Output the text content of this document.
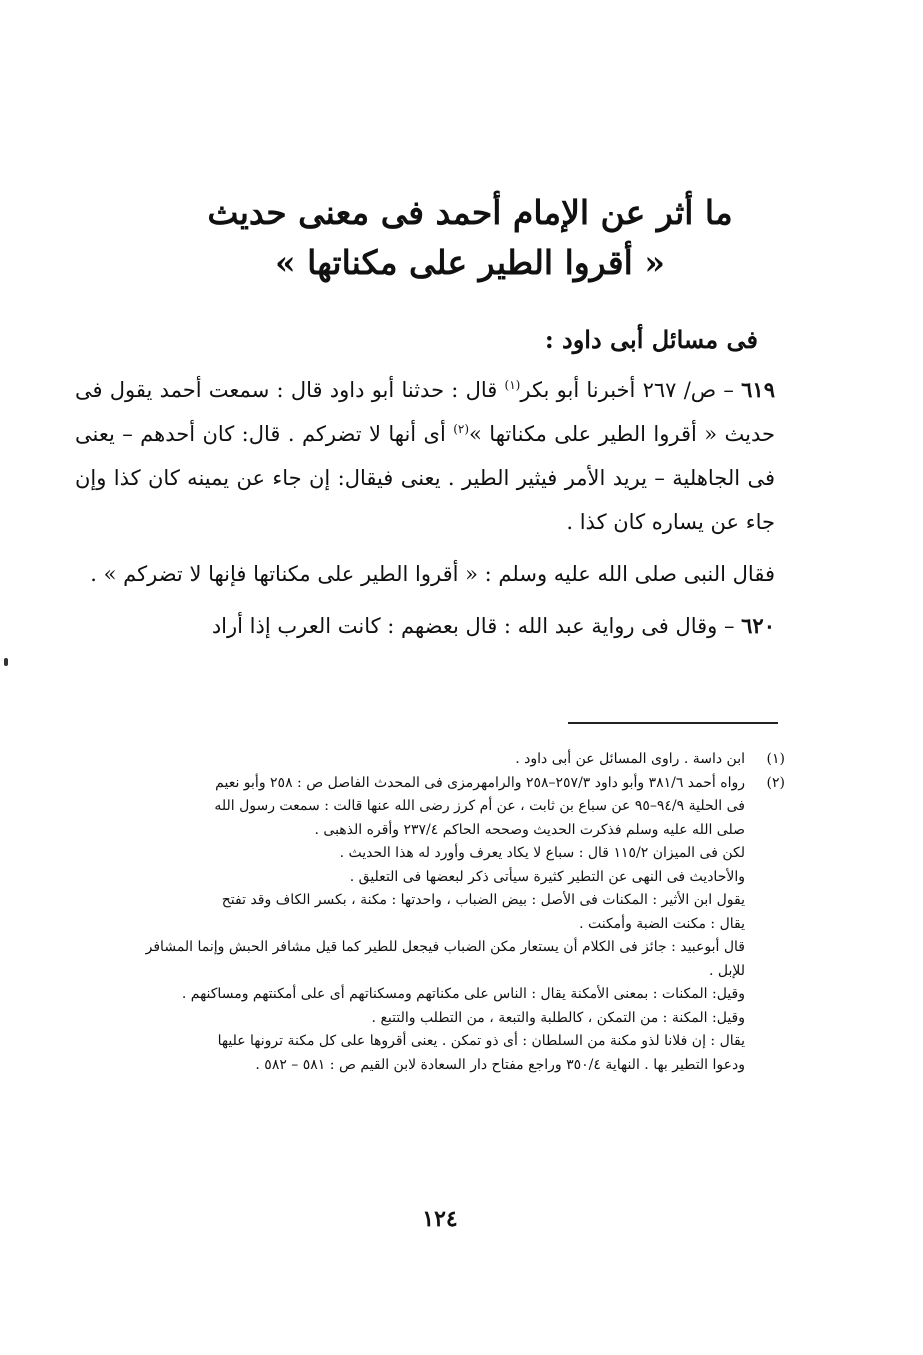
ما أثر عن الإمام أحمد فى معنى حديث
« أقروا الطير على مكناتها »
فى مسائل أبى داود :

٦١٩ – ص/ ٢٦٧ أخبرنا أبو بكر$^{(١)}$ قال : حدثنا أبو داود قال : سمعت أحمد يقول فى حديث « أقروا الطير على مكناتها »$^{(٢)}$ أى أنها لا تضركم . قال: كان أحدهم – يعنى فى الجاهلية – يريد الأمر فيثير الطير . يعنى فيقال: إن جاء عن يمينه كان كذا وإن جاء عن يساره كان كذا .

فقال النبى صلى الله عليه وسلم : « أقروا الطير على مكناتها فإنها لا تضركم » .

٦٢٠ – وقال فى رواية عبد الله : قال بعضهم : كانت العرب إذا أراد

(١)
ابن داسة . راوى المسائل عن أبى داود .
(٢)
رواه أحمد ٣٨١/٦ وأبو داود ٢٥٧/٣–٢٥٨ والرامهرمزى فى المحدث الفاصل ص : ٢٥٨ وأبو نعيم
فى الحلية ٩٤/٩–٩٥ عن سباع بن ثابت ، عن أم كرز رضى الله عنها قالت : سمعت رسول الله
صلى الله عليه وسلم فذكرت الحديث وصححه الحاكم ٢٣٧/٤ وأقره الذهبى .
لكن فى الميزان ١١٥/٢ قال : سباع لا يكاد يعرف وأورد له هذا الحديث .
والأحاديث فى النهى عن التطير كثيرة سيأتى ذكر لبعضها فى التعليق .
يقول ابن الأثير : المكنات فى الأصل : بيض الضباب ، واحدتها : مكنة ، بكسر الكاف وقد تفتح
يقال : مكنت الضبة وأمكنت .
قال أبوعبيد : جائز فى الكلام أن يستعار مكن الضباب فيجعل للطير كما قيل مشافر الحبش وإنما المشافر
للإبل .
وقيل: المكنات : بمعنى الأمكنة يقال : الناس على مكناتهم ومسكناتهم أى على أمكنتهم ومساكنهم .
وقيل: المكنة : من التمكن ، كالطلبة والتبعة ، من التطلب والتتبع .
يقال : إن فلانا لذو مكنة من السلطان : أى ذو تمكن . يعنى أقروها على كل مكنة ترونها عليها
ودعوا التطير بها . النهاية ٣٥٠/٤ وراجع مفتاح دار السعادة لابن القيم ص : ٥٨١ – ٥٨٢ .
١٢٤
